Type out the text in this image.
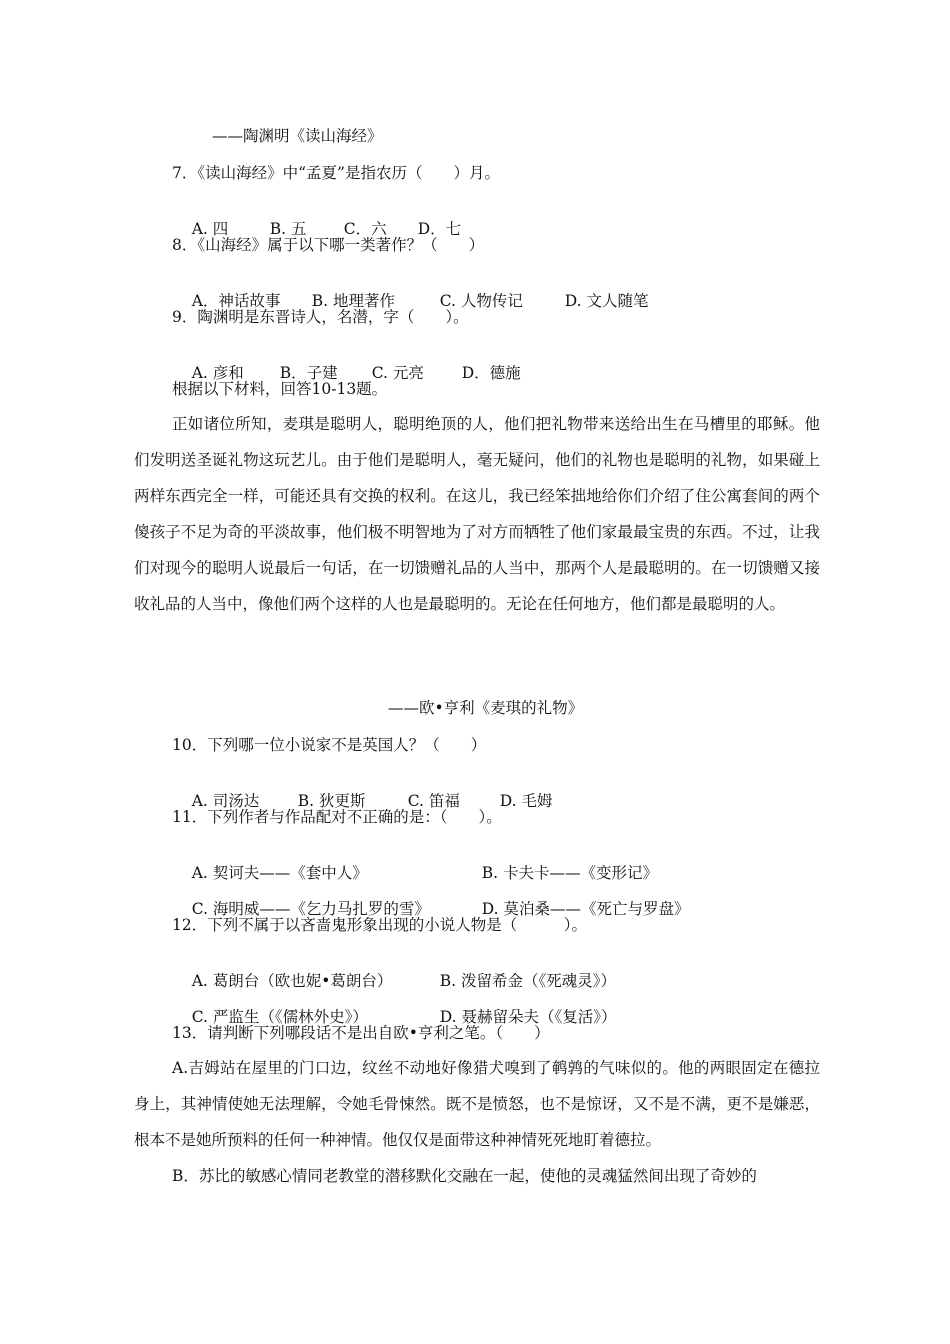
——陶渊明《读山海经》
7．《读山海经》中“孟夏”是指农历（　　）月。

A. 四	B. 五 C．六 D．七

8．《山海经》属于以下哪一类著作？（　　）

A．神话故事 B. 地理著作	C. 人物传记	D. 文人随笔

9．陶渊明是东晋诗人，名潜，字（　　）。

A. 彦和 B．子建 C. 元亮 D．德施

根据以下材料，回答10-13题。
正如诸位所知，麦琪是聪明人，聪明绝顶的人，他们把礼物带来送给出生在马槽里的耶稣。他们发明送圣诞礼物这玩艺儿。由于他们是聪明人，毫无疑问，他们的礼物也是聪明的礼物，如果碰上两样东西完全一样，可能还具有交换的权利。在这儿，我已经笨拙地给你们介绍了住公寓套间的两个傻孩子不足为奇的平淡故事，他们极不明智地为了对方而牺牲了他们家最最宝贵的东西。不过，让我们对现今的聪明人说最后一句话，在一切馈赠礼品的人当中，那两个人是最聪明的。在一切馈赠又接收礼品的人当中，像他们两个这样的人也是最聪明的。无论在任何地方，他们都是最聪明的人。
——欧•亨利《麦琪的礼物》
10．下列哪一位小说家不是英国人？（　　）

A. 司汤达 B. 狄更斯	C. 笛福	D. 毛姆

11．下列作者与作品配对不正确的是：（　　）。

A. 契诃夫——《套中人》	B. 卡夫卡——《变形记》

C. 海明威——《乞力马扎罗的雪》	D. 莫泊桑——《死亡与罗盘》

12．下列不属于以吝啬鬼形象出现的小说人物是（　　　）。

A. 葛朗台（欧也妮•葛朗台）	B. 泼留希金（《死魂灵》）

C. 严监生（《儒林外史》）	D. 聂赫留朵夫（《复活》）

13．请判断下列哪段话不是出自欧•亨利之笔。（　　）
A.吉姆站在屋里的门口边，纹丝不动地好像猎犬嗅到了鹌鹑的气味似的。他的两眼固定在德拉身上，其神情使她无法理解，令她毛骨悚然。既不是愤怒，也不是惊讶，又不是不满，更不是嫌恶，根本不是她所预料的任何一种神情。他仅仅是面带这种神情死死地盯着德拉。
B．苏比的敏感心情同老教堂的潜移默化交融在一起，使他的灵魂猛然间出现了奇妙的
